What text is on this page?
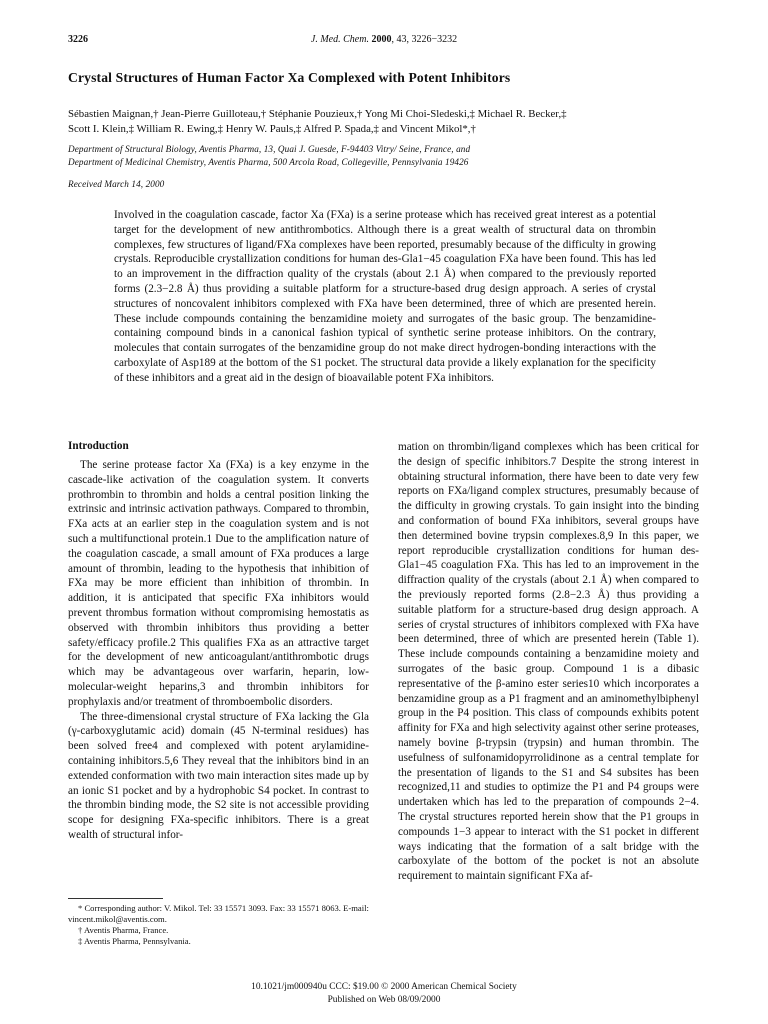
3226	J. Med. Chem. 2000, 43, 3226−3232
Crystal Structures of Human Factor Xa Complexed with Potent Inhibitors
Sébastien Maignan,† Jean-Pierre Guilloteau,† Stéphanie Pouzieux,† Yong Mi Choi-Sledeski,‡ Michael R. Becker,‡
Scott I. Klein,‡ William R. Ewing,‡ Henry W. Pauls,‡ Alfred P. Spada,‡ and Vincent Mikol*,†
Department of Structural Biology, Aventis Pharma, 13, Quai J. Guesde, F-94403 Vitry/ Seine, France, and
Department of Medicinal Chemistry, Aventis Pharma, 500 Arcola Road, Collegeville, Pennsylvania 19426
Received March 14, 2000
Involved in the coagulation cascade, factor Xa (FXa) is a serine protease which has received great interest as a potential target for the development of new antithrombotics. Although there is a great wealth of structural data on thrombin complexes, few structures of ligand/FXa complexes have been reported, presumably because of the difficulty in growing crystals. Reproducible crystallization conditions for human des-Gla1−45 coagulation FXa have been found. This has led to an improvement in the diffraction quality of the crystals (about 2.1 Å) when compared to the previously reported forms (2.3−2.8 Å) thus providing a suitable platform for a structure-based drug design approach. A series of crystal structures of noncovalent inhibitors complexed with FXa have been determined, three of which are presented herein. These include compounds containing the benzamidine moiety and surrogates of the basic group. The benzamidine-containing compound binds in a canonical fashion typical of synthetic serine protease inhibitors. On the contrary, molecules that contain surrogates of the benzamidine group do not make direct hydrogen-bonding interactions with the carboxylate of Asp189 at the bottom of the S1 pocket. The structural data provide a likely explanation for the specificity of these inhibitors and a great aid in the design of bioavailable potent FXa inhibitors.
Introduction

The serine protease factor Xa (FXa) is a key enzyme in the cascade-like activation of the coagulation system. It converts prothrombin to thrombin and holds a central position linking the extrinsic and intrinsic activation pathways. Compared to thrombin, FXa acts at an earlier step in the coagulation system and is not such a multifunctional protein.1 Due to the amplification nature of the coagulation cascade, a small amount of FXa produces a large amount of thrombin, leading to the hypothesis that inhibition of FXa may be more efficient than inhibition of thrombin. In addition, it is anticipated that specific FXa inhibitors would prevent thrombus formation without compromising hemostatis as observed with thrombin inhibitors thus providing a better safety/efficacy profile.2 This qualifies FXa as an attractive target for the development of new anticoagulant/antithrombotic drugs which may be advantageous over warfarin, heparin, low-molecular-weight heparins,3 and thrombin inhibitors for prophylaxis and/or treatment of thromboembolic disorders.

The three-dimensional crystal structure of FXa lacking the Gla (γ-carboxyglutamic acid) domain (45 N-terminal residues) has been solved free4 and complexed with potent arylamidine-containing inhibitors.5,6 They reveal that the inhibitors bind in an extended conformation with two main interaction sites made up by an ionic S1 pocket and by a hydrophobic S4 pocket. In contrast to the thrombin binding mode, the S2 site is not accessible providing scope for designing FXa-specific inhibitors. There is a great wealth of structural infor-

mation on thrombin/ligand complexes which has been critical for the design of specific inhibitors.7 Despite the strong interest in obtaining structural information, there have been to date very few reports on FXa/ligand complex structures, presumably because of the difficulty in growing crystals. To gain insight into the binding and conformation of bound FXa inhibitors, several groups have then determined bovine trypsin complexes.8,9 In this paper, we report reproducible crystallization conditions for human des-Gla1−45 coagulation FXa. This has led to an improvement in the diffraction quality of the crystals (about 2.1 Å) when compared to the previously reported forms (2.8−2.3 Å) thus providing a suitable platform for a structure-based drug design approach. A series of crystal structures of inhibitors complexed with FXa have been determined, three of which are presented herein (Table 1). These include compounds containing a benzamidine moiety and surrogates of the basic group. Compound 1 is a dibasic representative of the β-amino ester series10 which incorporates a benzamidine group as a P1 fragment and an aminomethylbiphenyl group in the P4 position. This class of compounds exhibits potent affinity for FXa and high selectivity against other serine proteases, namely bovine β-trypsin (trypsin) and human thrombin. The usefulness of sulfonamidopyrrolidinone as a central template for the presentation of ligands to the S1 and S4 subsites has been recognized,11 and studies to optimize the P1 and P4 groups were undertaken which has led to the preparation of compounds 2−4. The crystal structures reported herein show that the P1 groups in compounds 1−3 appear to interact with the S1 pocket in different ways indicating that the formation of a salt bridge with the carboxylate of the bottom of the pocket is not an absolute requirement to maintain significant FXa af-

* Corresponding author: V. Mikol. Tel: 33 15571 3093. Fax: 33 15571 8063. E-mail: vincent.mikol@aventis.com.
† Aventis Pharma, France.
‡ Aventis Pharma, Pennsylvania.
10.1021/jm000940u CCC: $19.00 © 2000 American Chemical Society
Published on Web 08/09/2000
